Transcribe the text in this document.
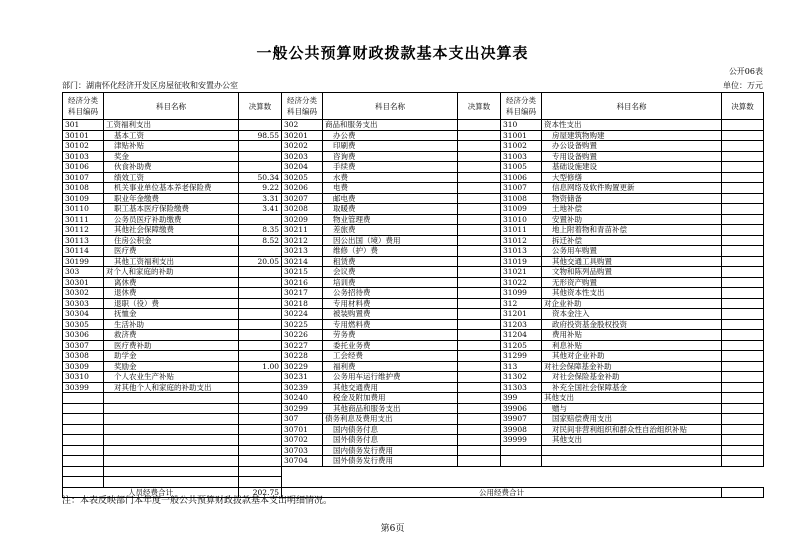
一般公共预算财政拨款基本支出决算表
公开06表
部门：湖南怀化经济开发区房屋征收和安置办公室	单位：万元
经济分类科目编码	科目名称	决算数	经济分类科目编码	科目名称	决算数	经济分类科目编码	科目名称	决算数
301	工资福利支出		302	商品和服务支出		310	资本性支出	
30101	基本工资	98.55	30201	办公费		31001	房屋建筑物购建	
30102	津贴补贴		30202	印刷费		31002	办公设备购置	
30103	奖金		30203	咨询费		31003	专用设备购置	
30106	伙食补助费		30204	手续费		31005	基础设施建设	
30107	绩效工资	50.34	30205	水费		31006	大型修缮	
30108	机关事业单位基本养老保险费	9.22	30206	电费		31007	信息网络及软件购置更新	
30109	职业年金缴费	3.31	30207	邮电费		31008	物资储备	
30110	职工基本医疗保险缴费	3.41	30208	取暖费		31009	土地补偿	
30111	公务员医疗补助缴费		30209	物业管理费		31010	安置补助	
30112	其他社会保障缴费	8.35	30211	差旅费		31011	地上附着物和青苗补偿	
30113	住房公积金	8.52	30212	因公出国（境）费用		31012	拆迁补偿	
30114	医疗费		30213	维修（护）费		31013	公务用车购置	
30199	其他工资福利支出	20.05	30214	租赁费		31019	其他交通工具购置	
303	对个人和家庭的补助		30215	会议费		31021	文物和陈列品购置	
30301	离休费		30216	培训费		31022	无形资产购置	
30302	退休费		30217	公务招待费		31099	其他资本性支出	
30303	退职（役）费		30218	专用材料费		312	对企业补助	
30304	抚恤金		30224	被装购置费		31201	资本金注入	
30305	生活补助		30225	专用燃料费		31203	政府投资基金股权投资	
30306	救济费		30226	劳务费		31204	费用补贴	
30307	医疗费补助		30227	委托业务费		31205	利息补贴	
30308	助学金		30228	工会经费		31299	其他对企业补助	
30309	奖励金	1.00	30229	福利费		313	对社会保障基金补助	
30310	个人农业生产补贴		30231	公务用车运行维护费		31302	对社会保险基金补助	
30399	对其他个人和家庭的补助支出		30239	其他交通费用		31303	补充全国社会保障基金	
			30240	税金及附加费用		399	其他支出	
			30299	其他商品和服务支出		39906	赠与	
			307	债务利息及费用支出		39907	国家赔偿费用支出	
			30701	国内债务付息		39908	对民间非营利组织和群众性自治组织补贴	
			30702	国外债务付息		39999	其他支出	
			30703	国内债务发行费用				
			30704	国外债务发行费用				

人员经费合计		202.75	公用经费合计					
注：本表反映部门本年度一般公共预算财政拨款基本支出明细情况。
第6页
